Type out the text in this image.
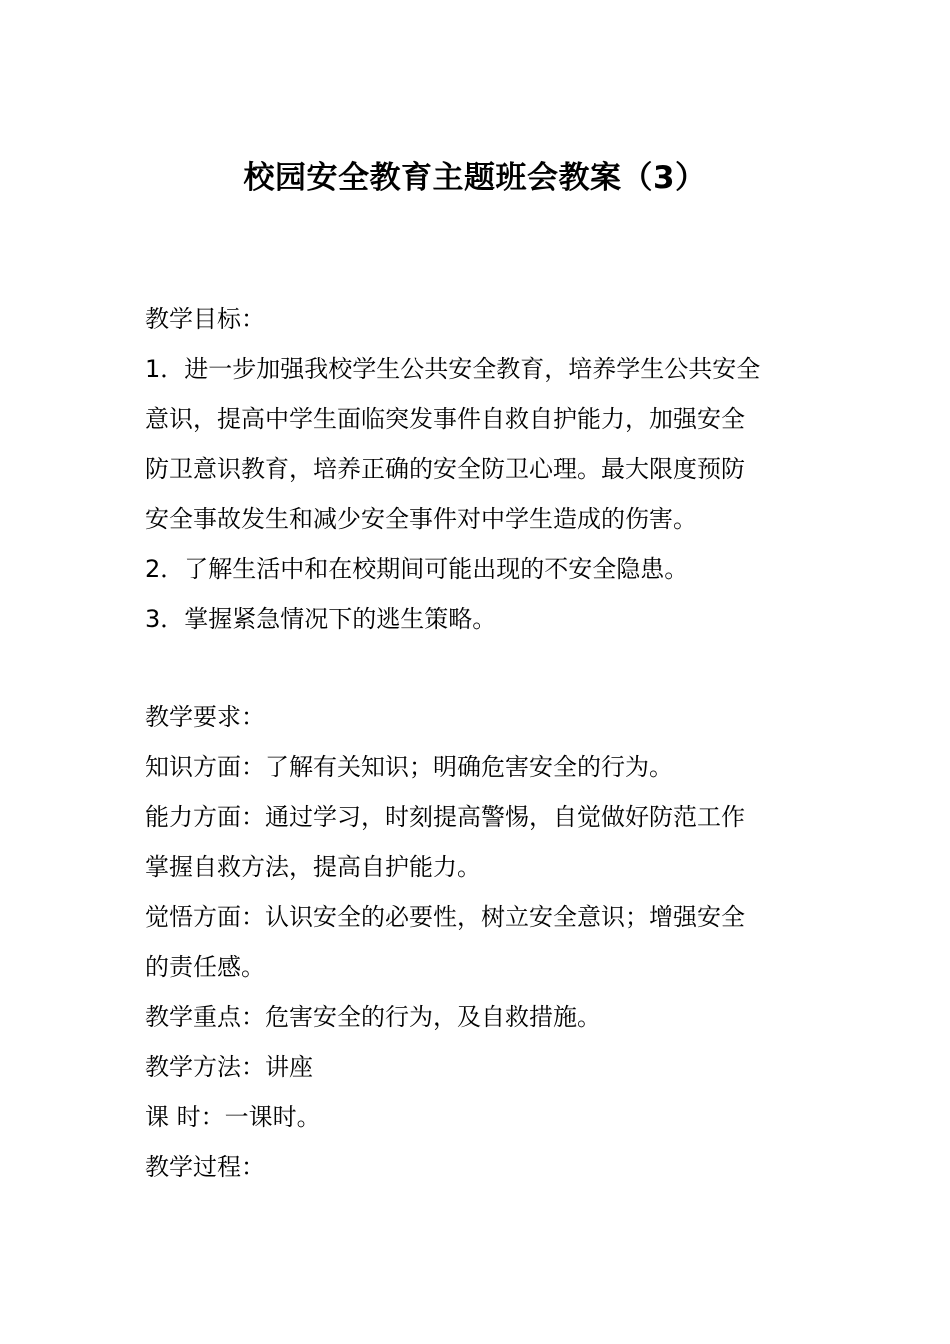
校园安全教育主题班会教案（3）
教学目标：
1．进一步加强我校学生公共安全教育，培养学生公共安全
意识，提高中学生面临突发事件自救自护能力，加强安全
防卫意识教育，培养正确的安全防卫心理。最大限度预防
安全事故发生和减少安全事件对中学生造成的伤害。
2．了解生活中和在校期间可能出现的不安全隐患。
3．掌握紧急情况下的逃生策略。
教学要求：
知识方面：了解有关知识；明确危害安全的行为。
能力方面：通过学习，时刻提高警惕，自觉做好防范工作
掌握自救方法，提高自护能力。
觉悟方面：认识安全的必要性，树立安全意识；增强安全
的责任感。
教学重点：危害安全的行为，及自救措施。
教学方法：讲座
课 时：一课时。
教学过程：
